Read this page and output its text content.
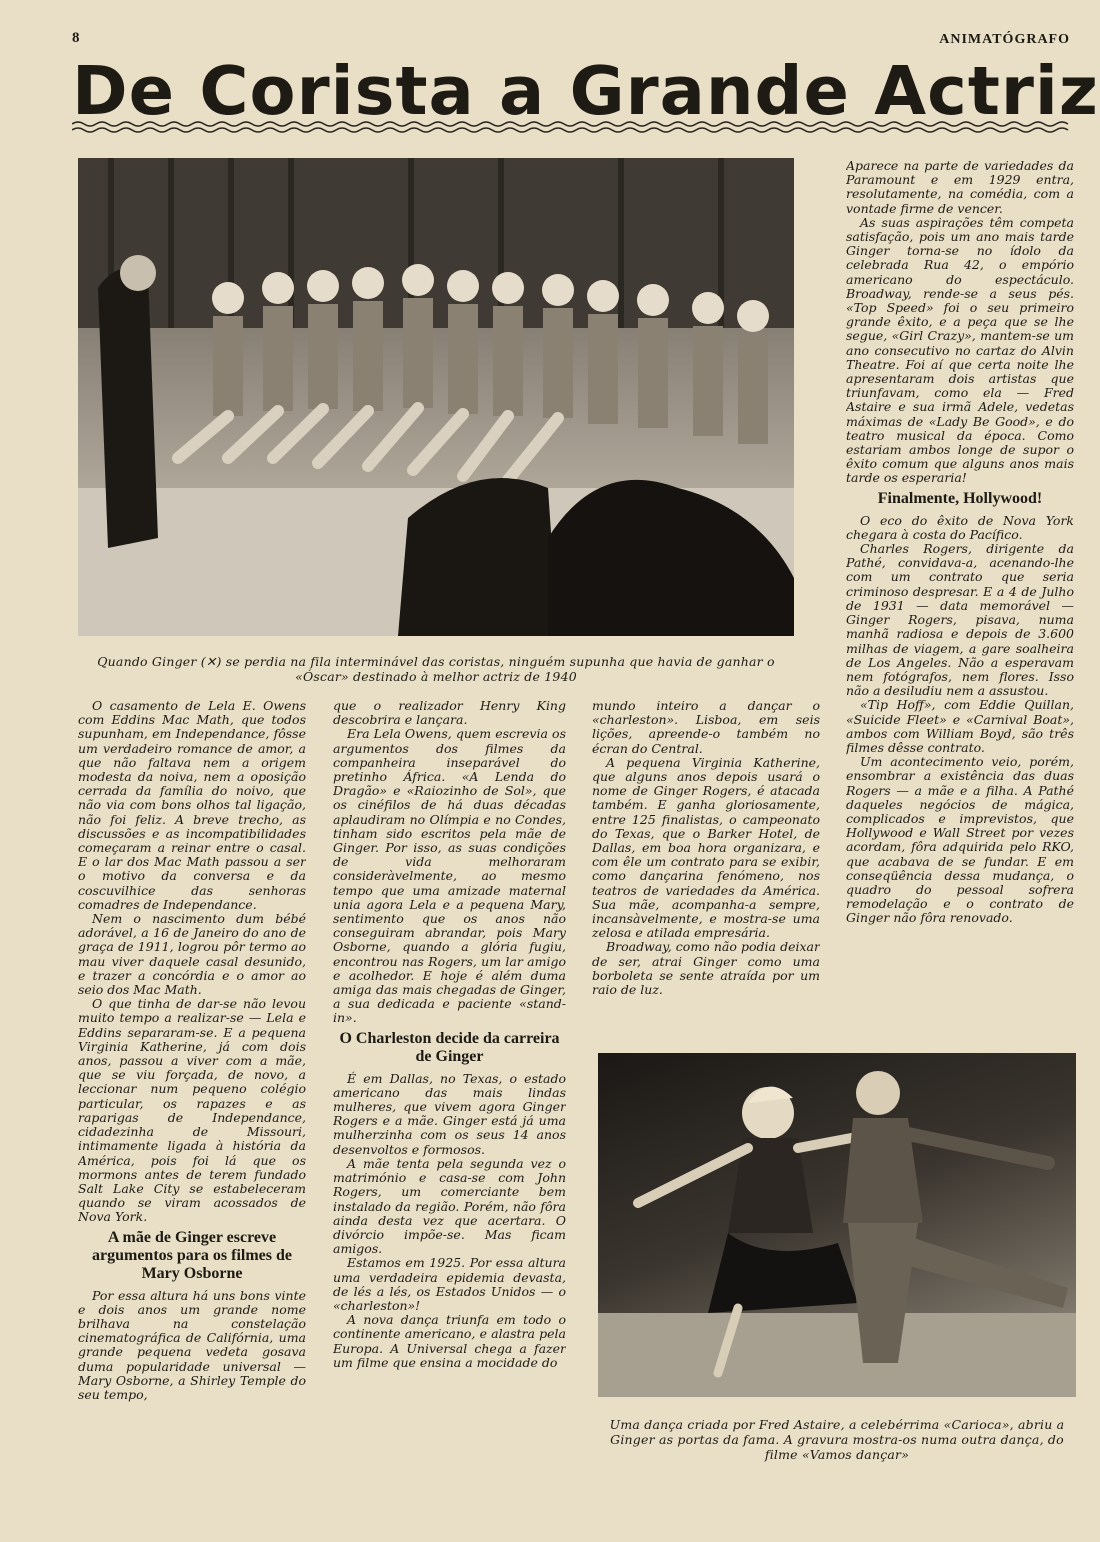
8	ANIMATÓGRAFO
De Corista a Grande Actriz
Quando Ginger (✕) se perdia na fila interminável das coristas, ninguém supunha que havia de ganhar o «Óscar» destinado à melhor actriz de 1940

O casamento de Lela E. Owens com Eddins Mac Math, que todos supunham, em Independance, fôsse um verdadeiro romance de amor, a que não faltava nem a origem modesta da noiva, nem a oposição cerrada da família do noivo, que não via com bons olhos tal ligação, não foi feliz. A breve trecho, as discussões e as incompatibilidades começaram a reinar entre o casal. E o lar dos Mac Math passou a ser o motivo da conversa e da coscuvilhice das senhoras comadres de Independance.

Nem o nascimento dum bébé adorável, a 16 de Janeiro do ano de graça de 1911, logrou pôr termo ao mau viver daquele casal desunido, e trazer a concórdia e o amor ao seio dos Mac Math.

O que tinha de dar-se não levou muito tempo a realizar-se — Lela e Eddins separaram-se. E a pequena Virginia Katherine, já com dois anos, passou a viver com a mãe, que se viu forçada, de novo, a leccionar num pequeno colégio particular, os rapazes e as raparigas de Independance, cidadezinha de Missouri, intimamente ligada à história da América, pois foi lá que os mormons antes de terem fundado Salt Lake City se estabeleceram quando se viram acossados de Nova York.

A mãe de Ginger escreve argumentos para os filmes de Mary Osborne

Por essa altura há uns bons vinte e dois anos um grande nome brilhava na constelação cinematográfica de Califórnia, uma grande pequena vedeta gosava duma popularidade universal — Mary Osborne, a Shirley Temple do seu tempo,

que o realizador Henry King descobrira e lançara.

Era Lela Owens, quem escrevia os argumentos dos filmes da companheira inseparável do pretinho África. «A Lenda do Dragão» e «Raiozinho de Sol», que os cinéfilos de há duas décadas aplaudiram no Olímpia e no Condes, tinham sido escritos pela mãe de Ginger. Por isso, as suas condições de vida melhoraram consideràvelmente, ao mesmo tempo que uma amizade maternal unia agora Lela e a pequena Mary, sentimento que os anos não conseguiram abrandar, pois Mary Osborne, quando a glória fugiu, encontrou nas Rogers, um lar amigo e acolhedor. E hoje é além duma amiga das mais chegadas de Ginger, a sua dedicada e paciente «stand-in».

O Charleston decide da carreira de Ginger

É em Dallas, no Texas, o estado americano das mais lindas mulheres, que vivem agora Ginger Rogers e a mãe. Ginger está já uma mulherzinha com os seus 14 anos desenvoltos e formosos.

A mãe tenta pela segunda vez o matrimónio e casa-se com John Rogers, um comerciante bem instalado da região. Porém, não fôra ainda desta vez que acertara. O divórcio impõe-se. Mas ficam amigos.

Estamos em 1925. Por essa altura uma verdadeira epidemia devasta, de lés a lés, os Estados Unidos — o «charleston»!

A nova dança triunfa em todo o continente americano, e alastra pela Europa. A Universal chega a fazer um filme que ensina a mocidade do

mundo inteiro a dançar o «charleston». Lisboa, em seis lições, apreende-o também no écran do Central.

A pequena Virginia Katherine, que alguns anos depois usará o nome de Ginger Rogers, é atacada também. E ganha gloriosamente, entre 125 finalistas, o campeonato do Texas, que o Barker Hotel, de Dallas, em boa hora organizara, e com êle um contrato para se exibir, como dançarina fenómeno, nos teatros de variedades da América. Sua mãe, acompanha-a sempre, incansàvelmente, e mostra-se uma zelosa e atilada empresária.

Broadway, como não podia deixar de ser, atrai Ginger como uma borboleta se sente atraída por um raio de luz.

Aparece na parte de variedades da Paramount e em 1929 entra, resolutamente, na comédia, com a vontade firme de vencer.

As suas aspirações têm competa satisfação, pois um ano mais tarde Ginger torna-se no ídolo da celebrada Rua 42, o empório americano do espectáculo. Broadway, rende-se a seus pés. «Top Speed» foi o seu primeiro grande êxito, e a peça que se lhe segue, «Girl Crazy», mantem-se um ano consecutivo no cartaz do Alvin Theatre. Foi aí que certa noite lhe apresentaram dois artistas que triunfavam, como ela — Fred Astaire e sua irmã Adele, vedetas máximas de «Lady Be Good», e do teatro musical da época. Como estariam ambos longe de supor o êxito comum que alguns anos mais tarde os esperaria!

Finalmente, Hollywood!

O eco do êxito de Nova York chegara à costa do Pacífico.

Charles Rogers, dirigente da Pathé, convidava-a, acenando-lhe com um contrato que seria criminoso despresar. E a 4 de Julho de 1931 — data memorável — Ginger Rogers, pisava, numa manhã radiosa e depois de 3.600 milhas de viagem, a gare soalheira de Los Angeles. Não a esperavam nem fotógrafos, nem flores. Isso não a desiludiu nem a assustou.

«Tip Hoff», com Eddie Quillan, «Suicide Fleet» e «Carnival Boat», ambos com William Boyd, são três filmes dêsse contrato.

Um acontecimento veio, porém, ensombrar a existência das duas Rogers — a mãe e a filha. A Pathé daqueles negócios de mágica, complicados e imprevistos, que Hollywood e Wall Street por vezes acordam, fôra adquirida pelo RKO, que acabava de se fundar. E em conseqüência dessa mudança, o quadro do pessoal sofrera remodelação e o contrato de Ginger não fôra renovado.

Uma dança criada por Fred Astaire, a celebérrima «Carioca», abriu a Ginger as portas da fama. A gravura mostra-os numa outra dança, do filme «Vamos dançar»
